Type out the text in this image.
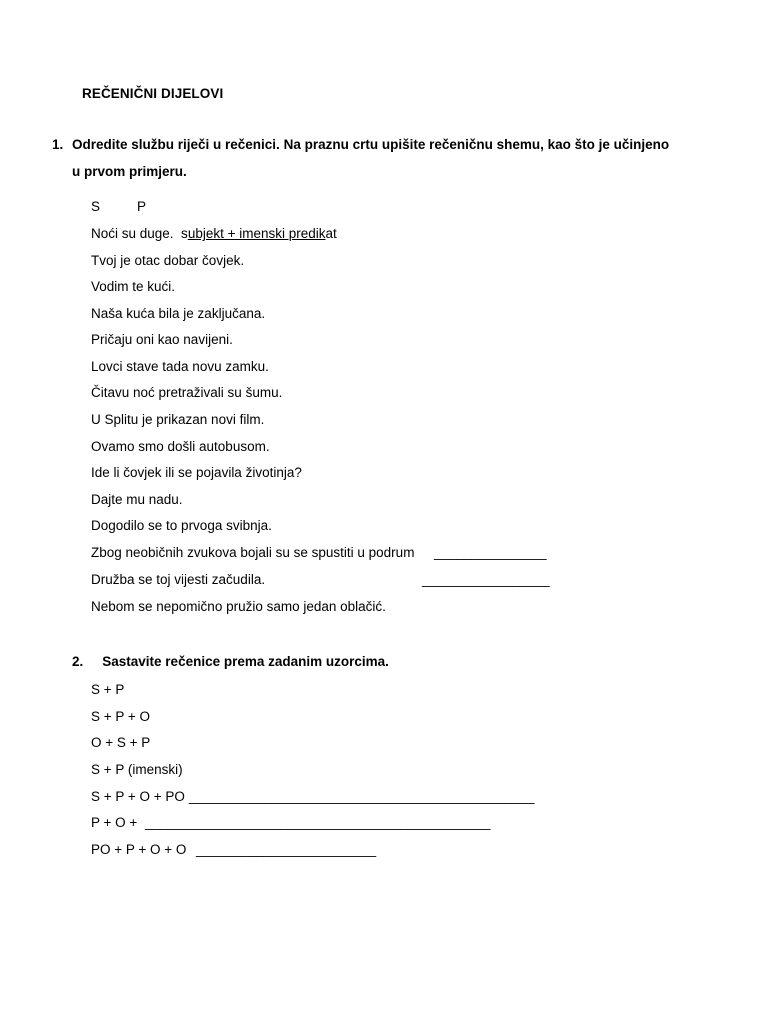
REČENIČNI DIJELOVI
1. Odredite službu riječi u rečenici. Na praznu crtu upišite rečeničnu shemu, kao što je učinjeno
u prvom primjeru.
S	P
Noći su duge.  subjekt + imenski predikat
Tvoj je otac dobar čovjek.
Vodim te kući.
Naša kuća bila je zaključana.
Pričaju oni kao navijeni.
Lovci stave tada novu zamku.
Čitavu noć pretraživali su šumu.
U Splitu je prikazan novi film.
Ovamo smo došli autobusom.
Ide li čovjek ili se pojavila životinja?
Dajte mu nadu.
Dogodilo se to prvoga svibnja.
Zbog neobičnih zvukova bojali su se spustiti u podrum _______________
Družba se toj vijesti začudila.	_________________
Nebom se nepomično pružio samo jedan oblačić.
2. Sastavite rečenice prema zadanim uzorcima.
S + P
S + P + O
O + S + P
S + P (imenski)
S + P + O + PO ______________________________________________
P + O + ______________________________________________
PO + P + O + O ________________________
